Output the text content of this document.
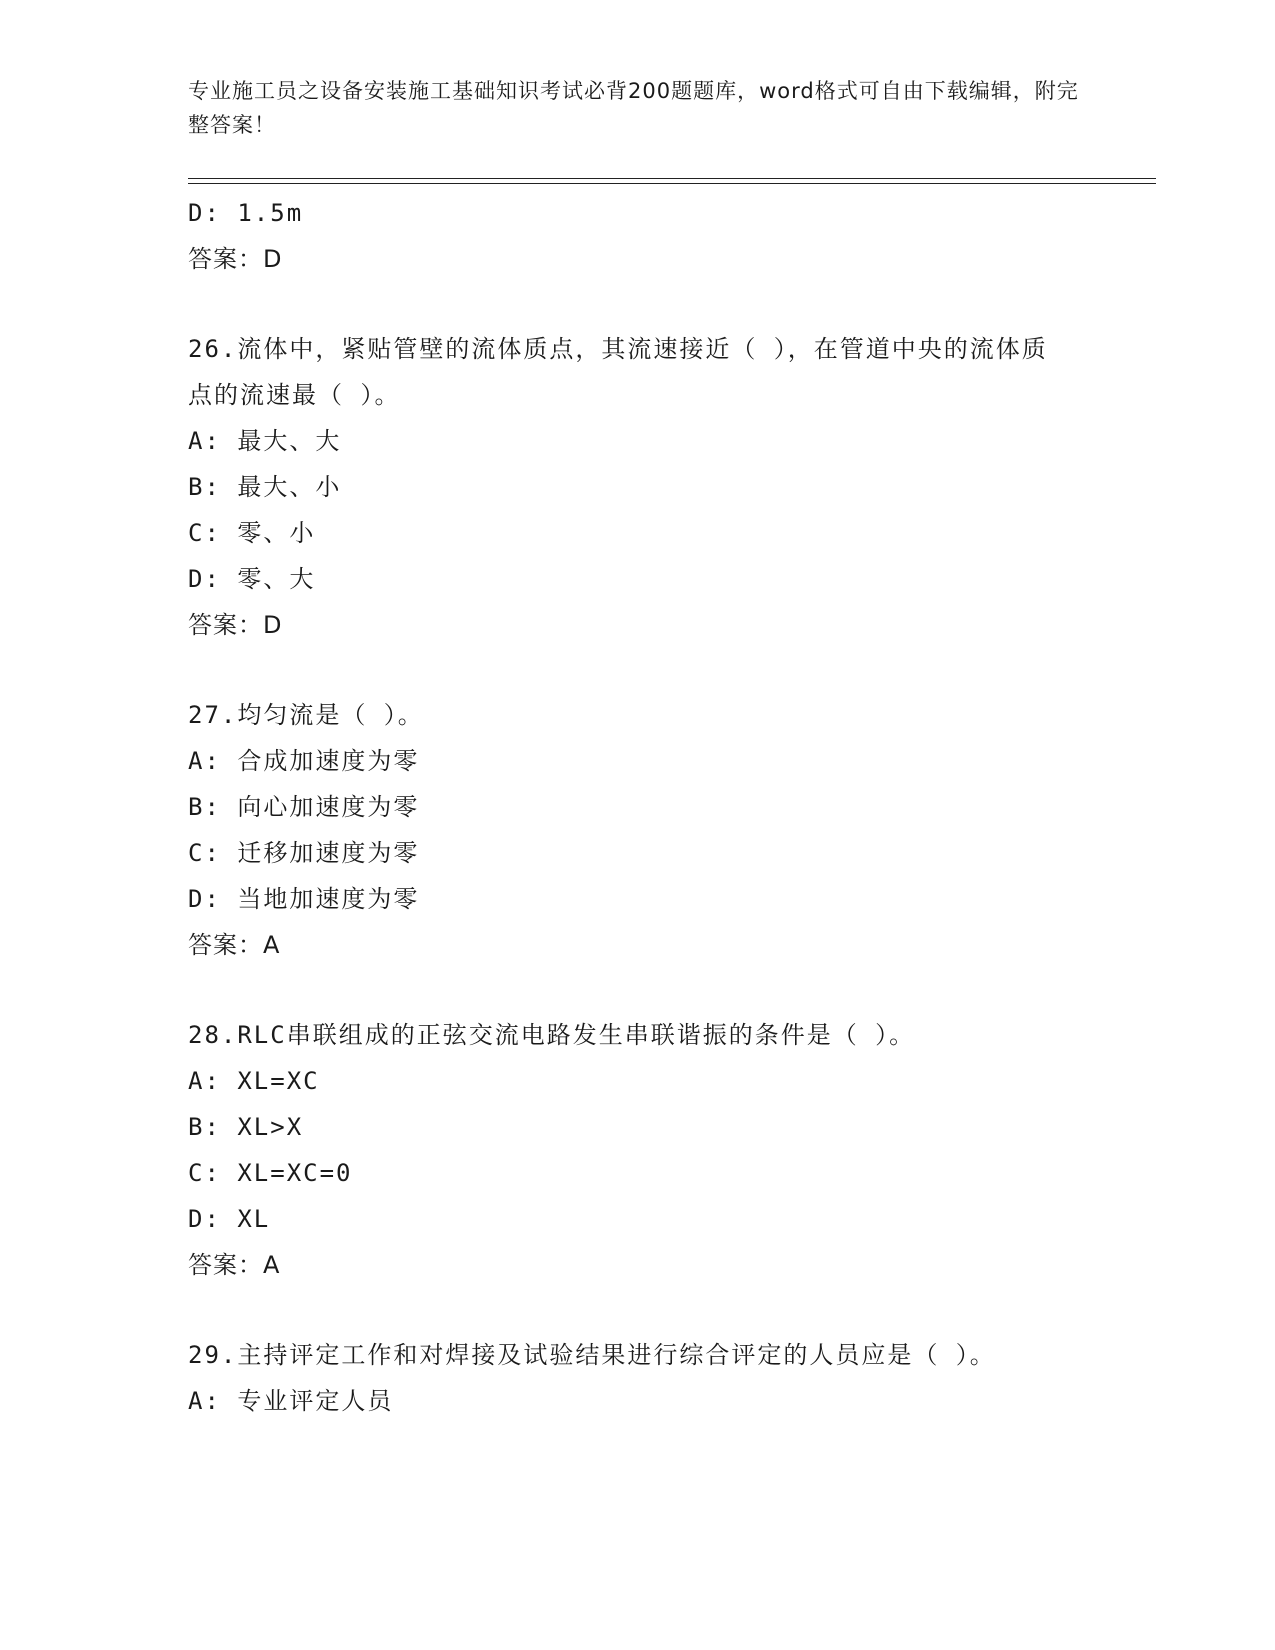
专业施工员之设备安装施工基础知识考试必背200题题库，word格式可自由下载编辑，附完整答案！
D: 1.5m
答案：D
26.流体中，紧贴管壁的流体质点，其流速接近（ ），在管道中央的流体质点的流速最（ ）。
A: 最大、大
B: 最大、小
C: 零、小
D: 零、大
答案：D
27.均匀流是（ ）。
A: 合成加速度为零
B: 向心加速度为零
C: 迁移加速度为零
D: 当地加速度为零
答案：A
28.RLC串联组成的正弦交流电路发生串联谐振的条件是（ ）。
A: XL=XC
B: XL>X
C: XL=XC=0
D: XL
答案：A
29.主持评定工作和对焊接及试验结果进行综合评定的人员应是（ ）。
A: 专业评定人员
